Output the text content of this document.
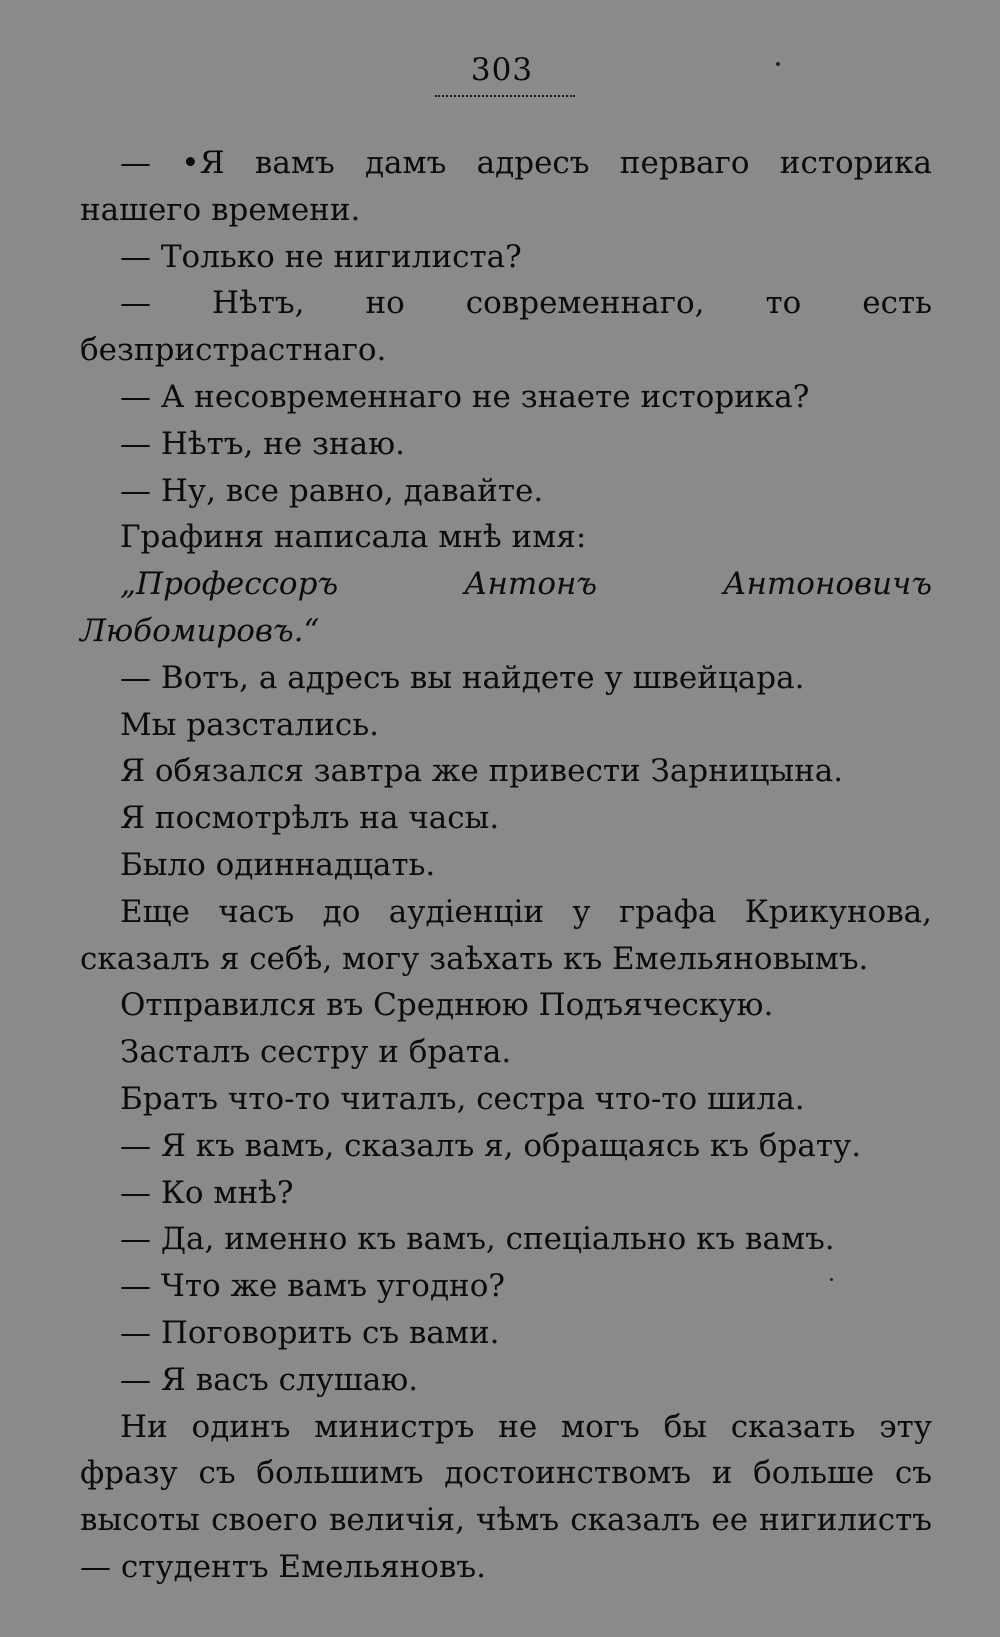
303

— •Я вамъ дамъ адресъ перваго историка нашего времени.

— Только не нигилиста?

— Нѣтъ, но современнаго, то есть безпристрастнаго.

— А несовременнаго не знаете историка?

— Нѣтъ, не знаю.

— Ну, все равно, давайте.

Графиня написала мнѣ имя:

„Профессоръ Антонъ Антоновичъ Любомировъ.“

— Вотъ, а адресъ вы найдете у швейцара.

Мы разстались.

Я обязался завтра же привести Зарницына.

Я посмотрѣлъ на часы.

Было одиннадцать.

Еще часъ до аудіенціи у графа Крикунова, сказалъ я себѣ, могу заѣхать къ Емельяновымъ.

Отправился въ Среднюю Подъяческую.

Засталъ сестру и брата.

Братъ что-то читалъ, сестра что-то шила.

— Я къ вамъ, сказалъ я, обращаясь къ брату.

— Ко мнѣ?

— Да, именно къ вамъ, спеціально къ вамъ.

— Что же вамъ угодно?

— Поговорить съ вами.

— Я васъ слушаю.

Ни одинъ министръ не могъ бы сказать эту фразу съ большимъ достоинствомъ и больше съ высоты своего величія, чѣмъ сказалъ ее нигилистъ— студентъ Емельяновъ.
